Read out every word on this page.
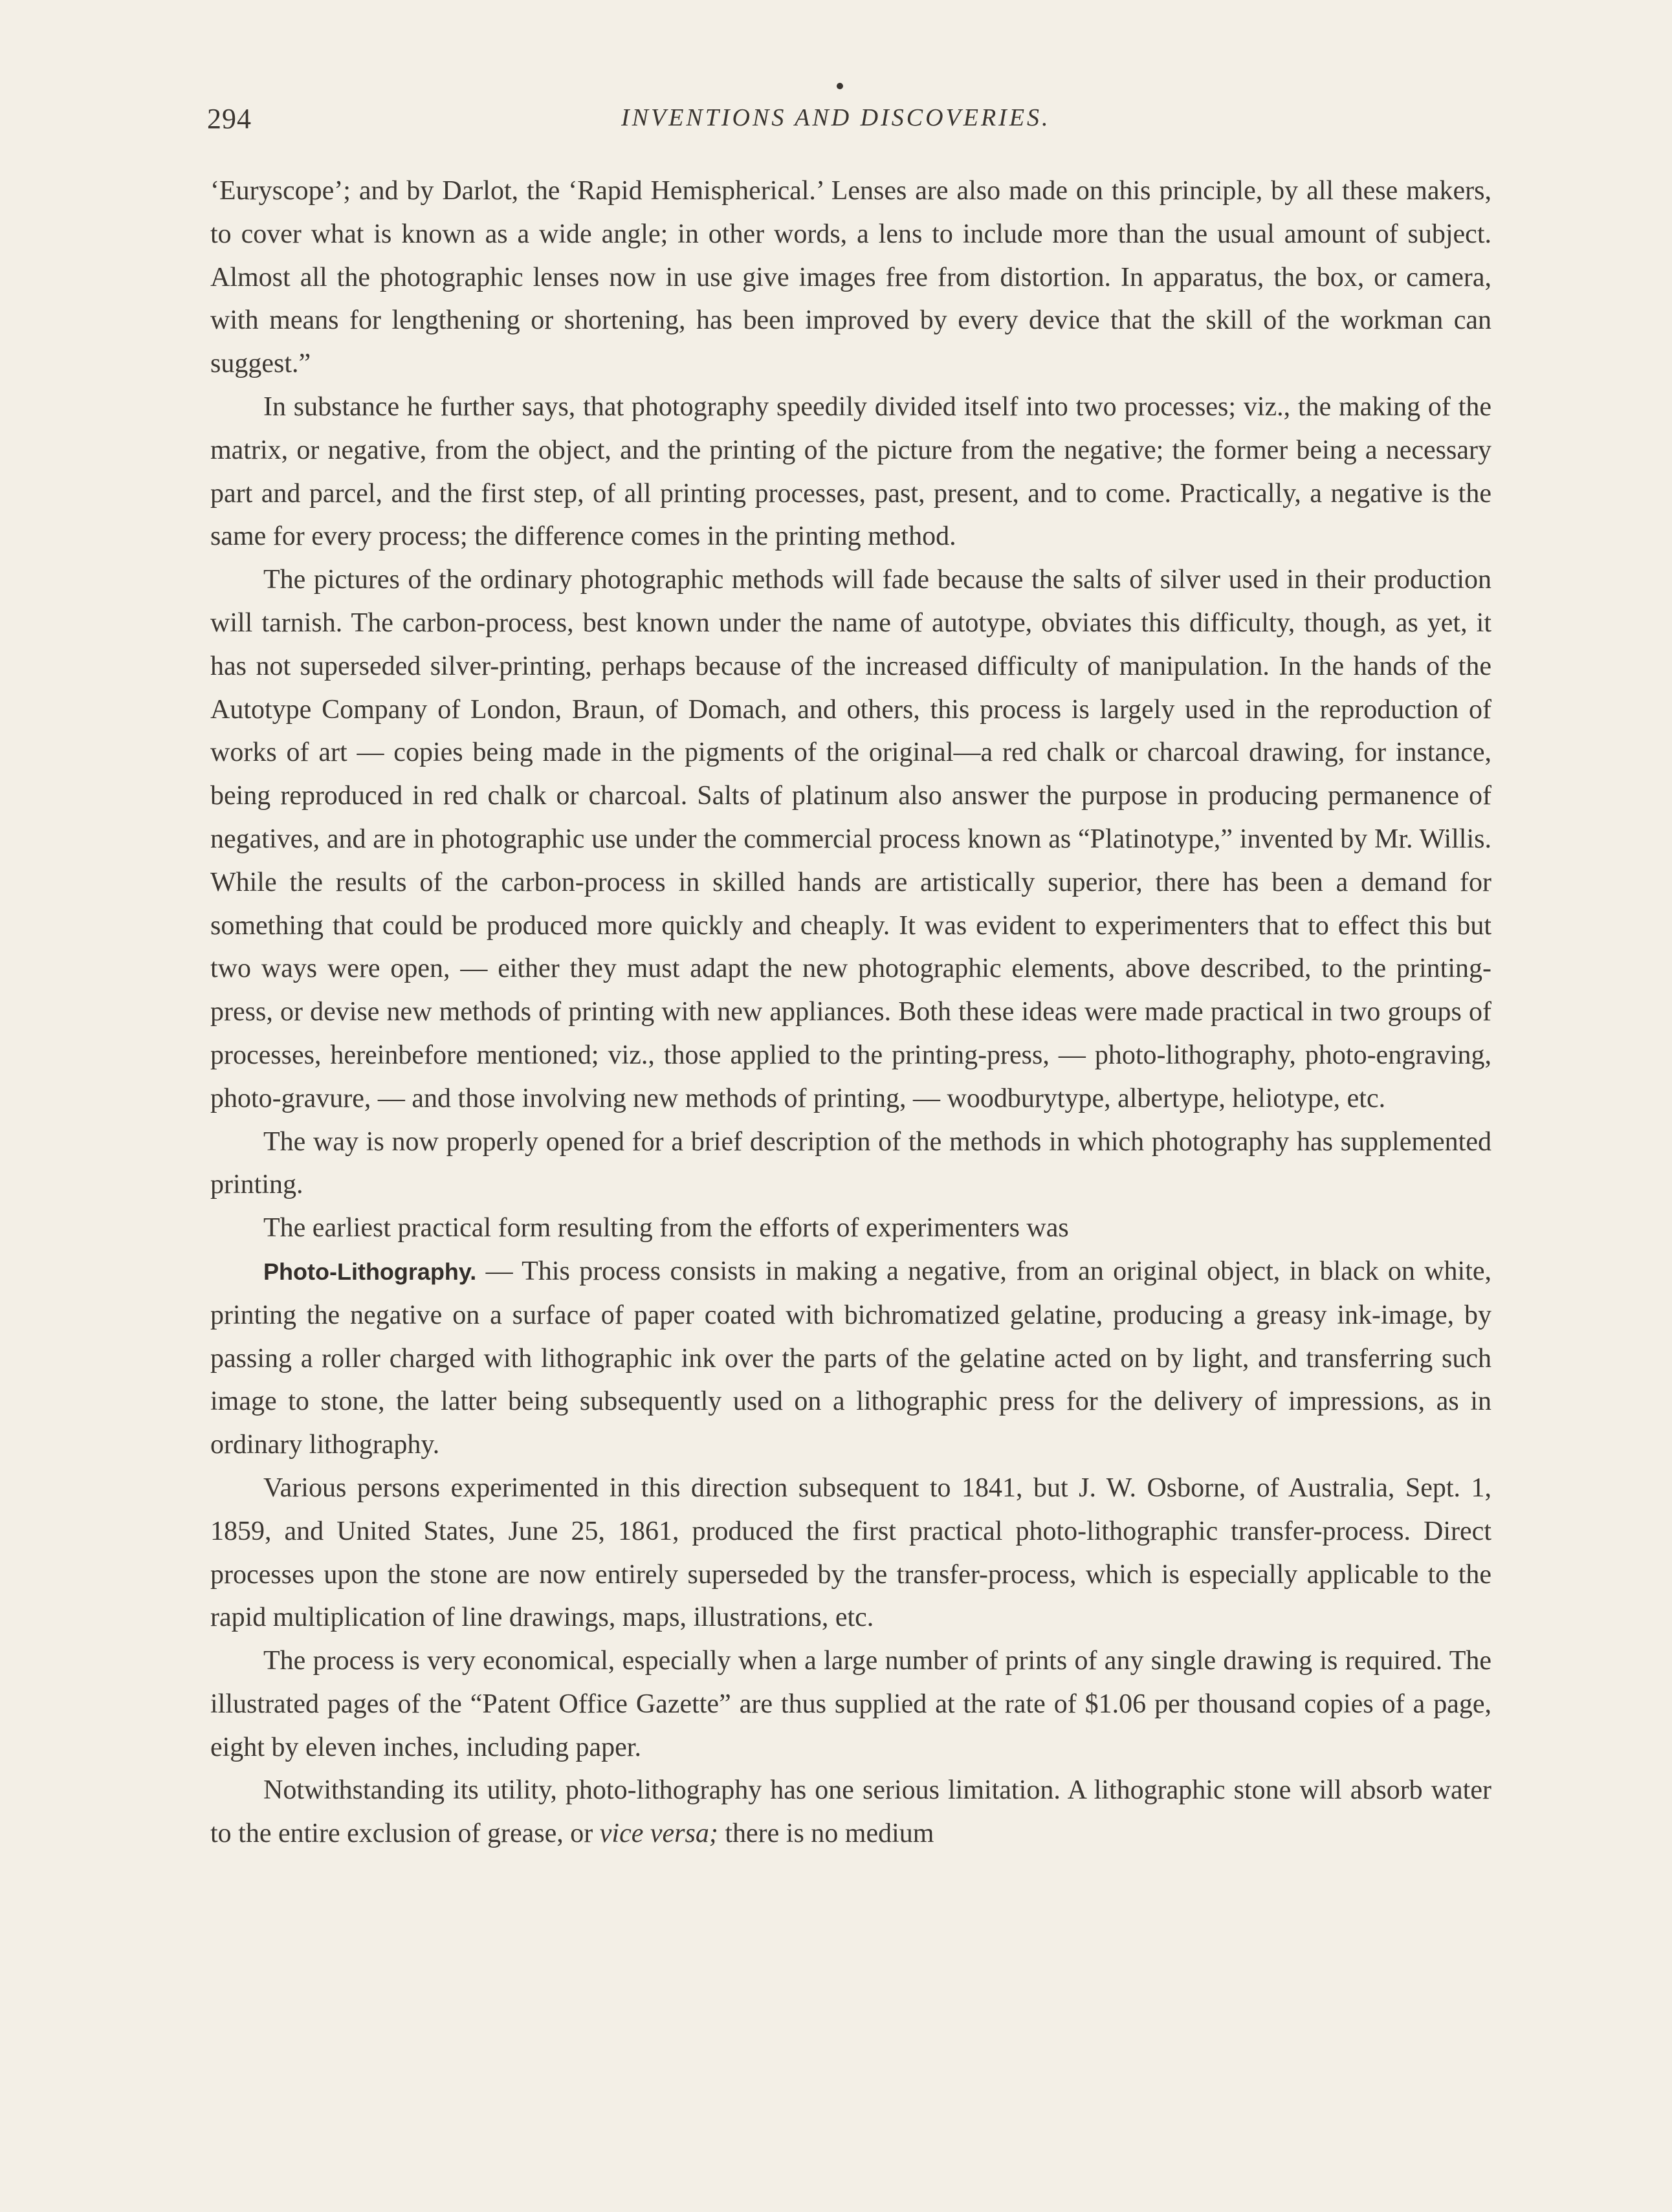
294	INVENTIONS AND DISCOVERIES.

‘Euryscope’; and by Darlot, the ‘Rapid Hemispherical.’ Lenses are also made on this principle, by all these makers, to cover what is known as a wide angle; in other words, a lens to include more than the usual amount of subject. Almost all the photographic lenses now in use give images free from distortion. In apparatus, the box, or camera, with means for lengthening or shortening, has been improved by every device that the skill of the workman can suggest.”

In substance he further says, that photography speedily divided itself into two processes; viz., the making of the matrix, or negative, from the object, and the printing of the picture from the negative; the former being a necessary part and parcel, and the first step, of all printing processes, past, present, and to come. Practically, a negative is the same for every process; the difference comes in the printing method.

The pictures of the ordinary photographic methods will fade because the salts of silver used in their production will tarnish. The carbon-process, best known under the name of autotype, obviates this difficulty, though, as yet, it has not superseded silver-printing, perhaps because of the increased difficulty of manipulation. In the hands of the Autotype Company of London, Braun, of Domach, and others, this process is largely used in the reproduction of works of art — copies being made in the pigments of the original—a red chalk or charcoal drawing, for instance, being reproduced in red chalk or charcoal. Salts of platinum also answer the purpose in producing permanence of negatives, and are in photographic use under the commercial process known as “Platinotype,” invented by Mr. Willis. While the results of the carbon-process in skilled hands are artistically superior, there has been a demand for something that could be produced more quickly and cheaply. It was evident to experimenters that to effect this but two ways were open, — either they must adapt the new photographic elements, above described, to the printing-press, or devise new methods of printing with new appliances. Both these ideas were made practical in two groups of processes, hereinbefore mentioned; viz., those applied to the printing-press, — photo-lithography, photo-engraving, photo-gravure, — and those involving new methods of printing, — woodburytype, albertype, heliotype, etc.

The way is now properly opened for a brief description of the methods in which photography has supplemented printing.

The earliest practical form resulting from the efforts of experimenters was

Photo-Lithography. — This process consists in making a negative, from an original object, in black on white, printing the negative on a surface of paper coated with bichromatized gelatine, producing a greasy ink-image, by passing a roller charged with lithographic ink over the parts of the gelatine acted on by light, and transferring such image to stone, the latter being subsequently used on a lithographic press for the delivery of impressions, as in ordinary lithography.

Various persons experimented in this direction subsequent to 1841, but J. W. Osborne, of Australia, Sept. 1, 1859, and United States, June 25, 1861, produced the first practical photo-lithographic transfer-process. Direct processes upon the stone are now entirely superseded by the transfer-process, which is especially applicable to the rapid multiplication of line drawings, maps, illustrations, etc.

The process is very economical, especially when a large number of prints of any single drawing is required. The illustrated pages of the “Patent Office Gazette” are thus supplied at the rate of $1.06 per thousand copies of a page, eight by eleven inches, including paper.

Notwithstanding its utility, photo-lithography has one serious limitation. A lithographic stone will absorb water to the entire exclusion of grease, or vice versa; there is no medium
